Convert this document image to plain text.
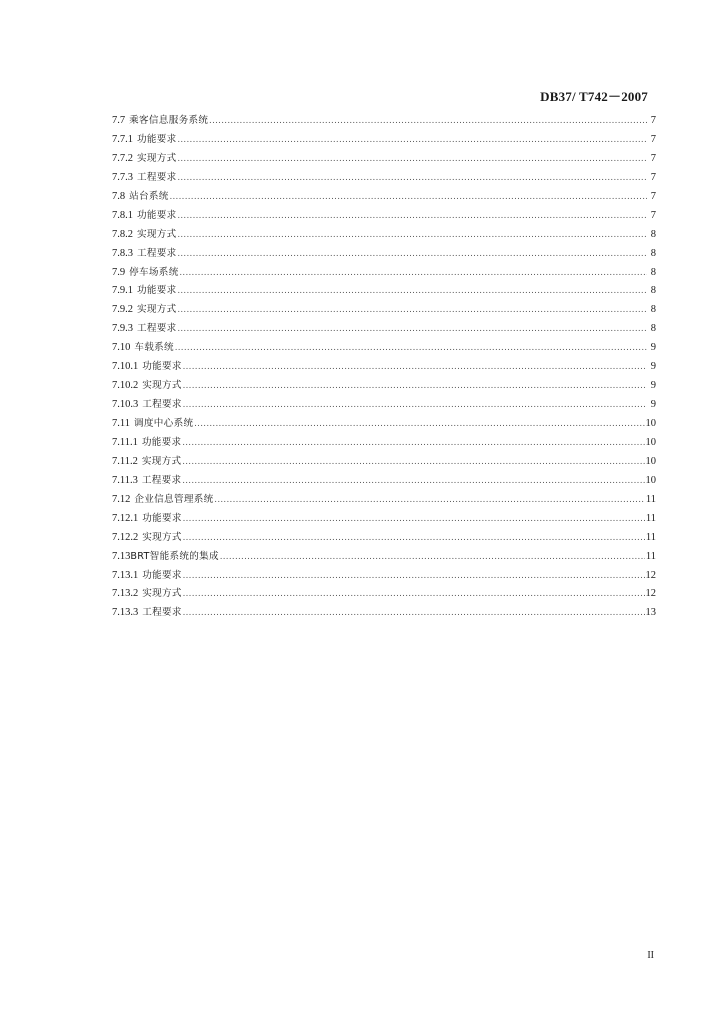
DB37/ T742－2007
7.7 乘客信息服务系统 .....	7
7.7.1 功能要求 .....	7
7.7.2 实现方式 .....	7
7.7.3 工程要求 .....	7
7.8 站台系统 .....	7
7.8.1 功能要求 .....	7
7.8.2 实现方式 .....	8
7.8.3 工程要求 .....	8
7.9 停车场系统 .....	8
7.9.1 功能要求 .....	8
7.9.2 实现方式 .....	8
7.9.3 工程要求 .....	8
7.10 车载系统 .....	9
7.10.1 功能要求 .....	9
7.10.2 实现方式 .....	9
7.10.3 工程要求 .....	9
7.11 调度中心系统 .....	10
7.11.1 功能要求 .....	10
7.11.2 实现方式 .....	10
7.11.3 工程要求 .....	10
7.12 企业信息管理系统 .....	11
7.12.1 功能要求 .....	11
7.12.2 实现方式 .....	11
7.13 BRT智能系统的集成 .....	11
7.13.1 功能要求 .....	12
7.13.2 实现方式 .....	12
7.13.3 工程要求 .....	13
II
